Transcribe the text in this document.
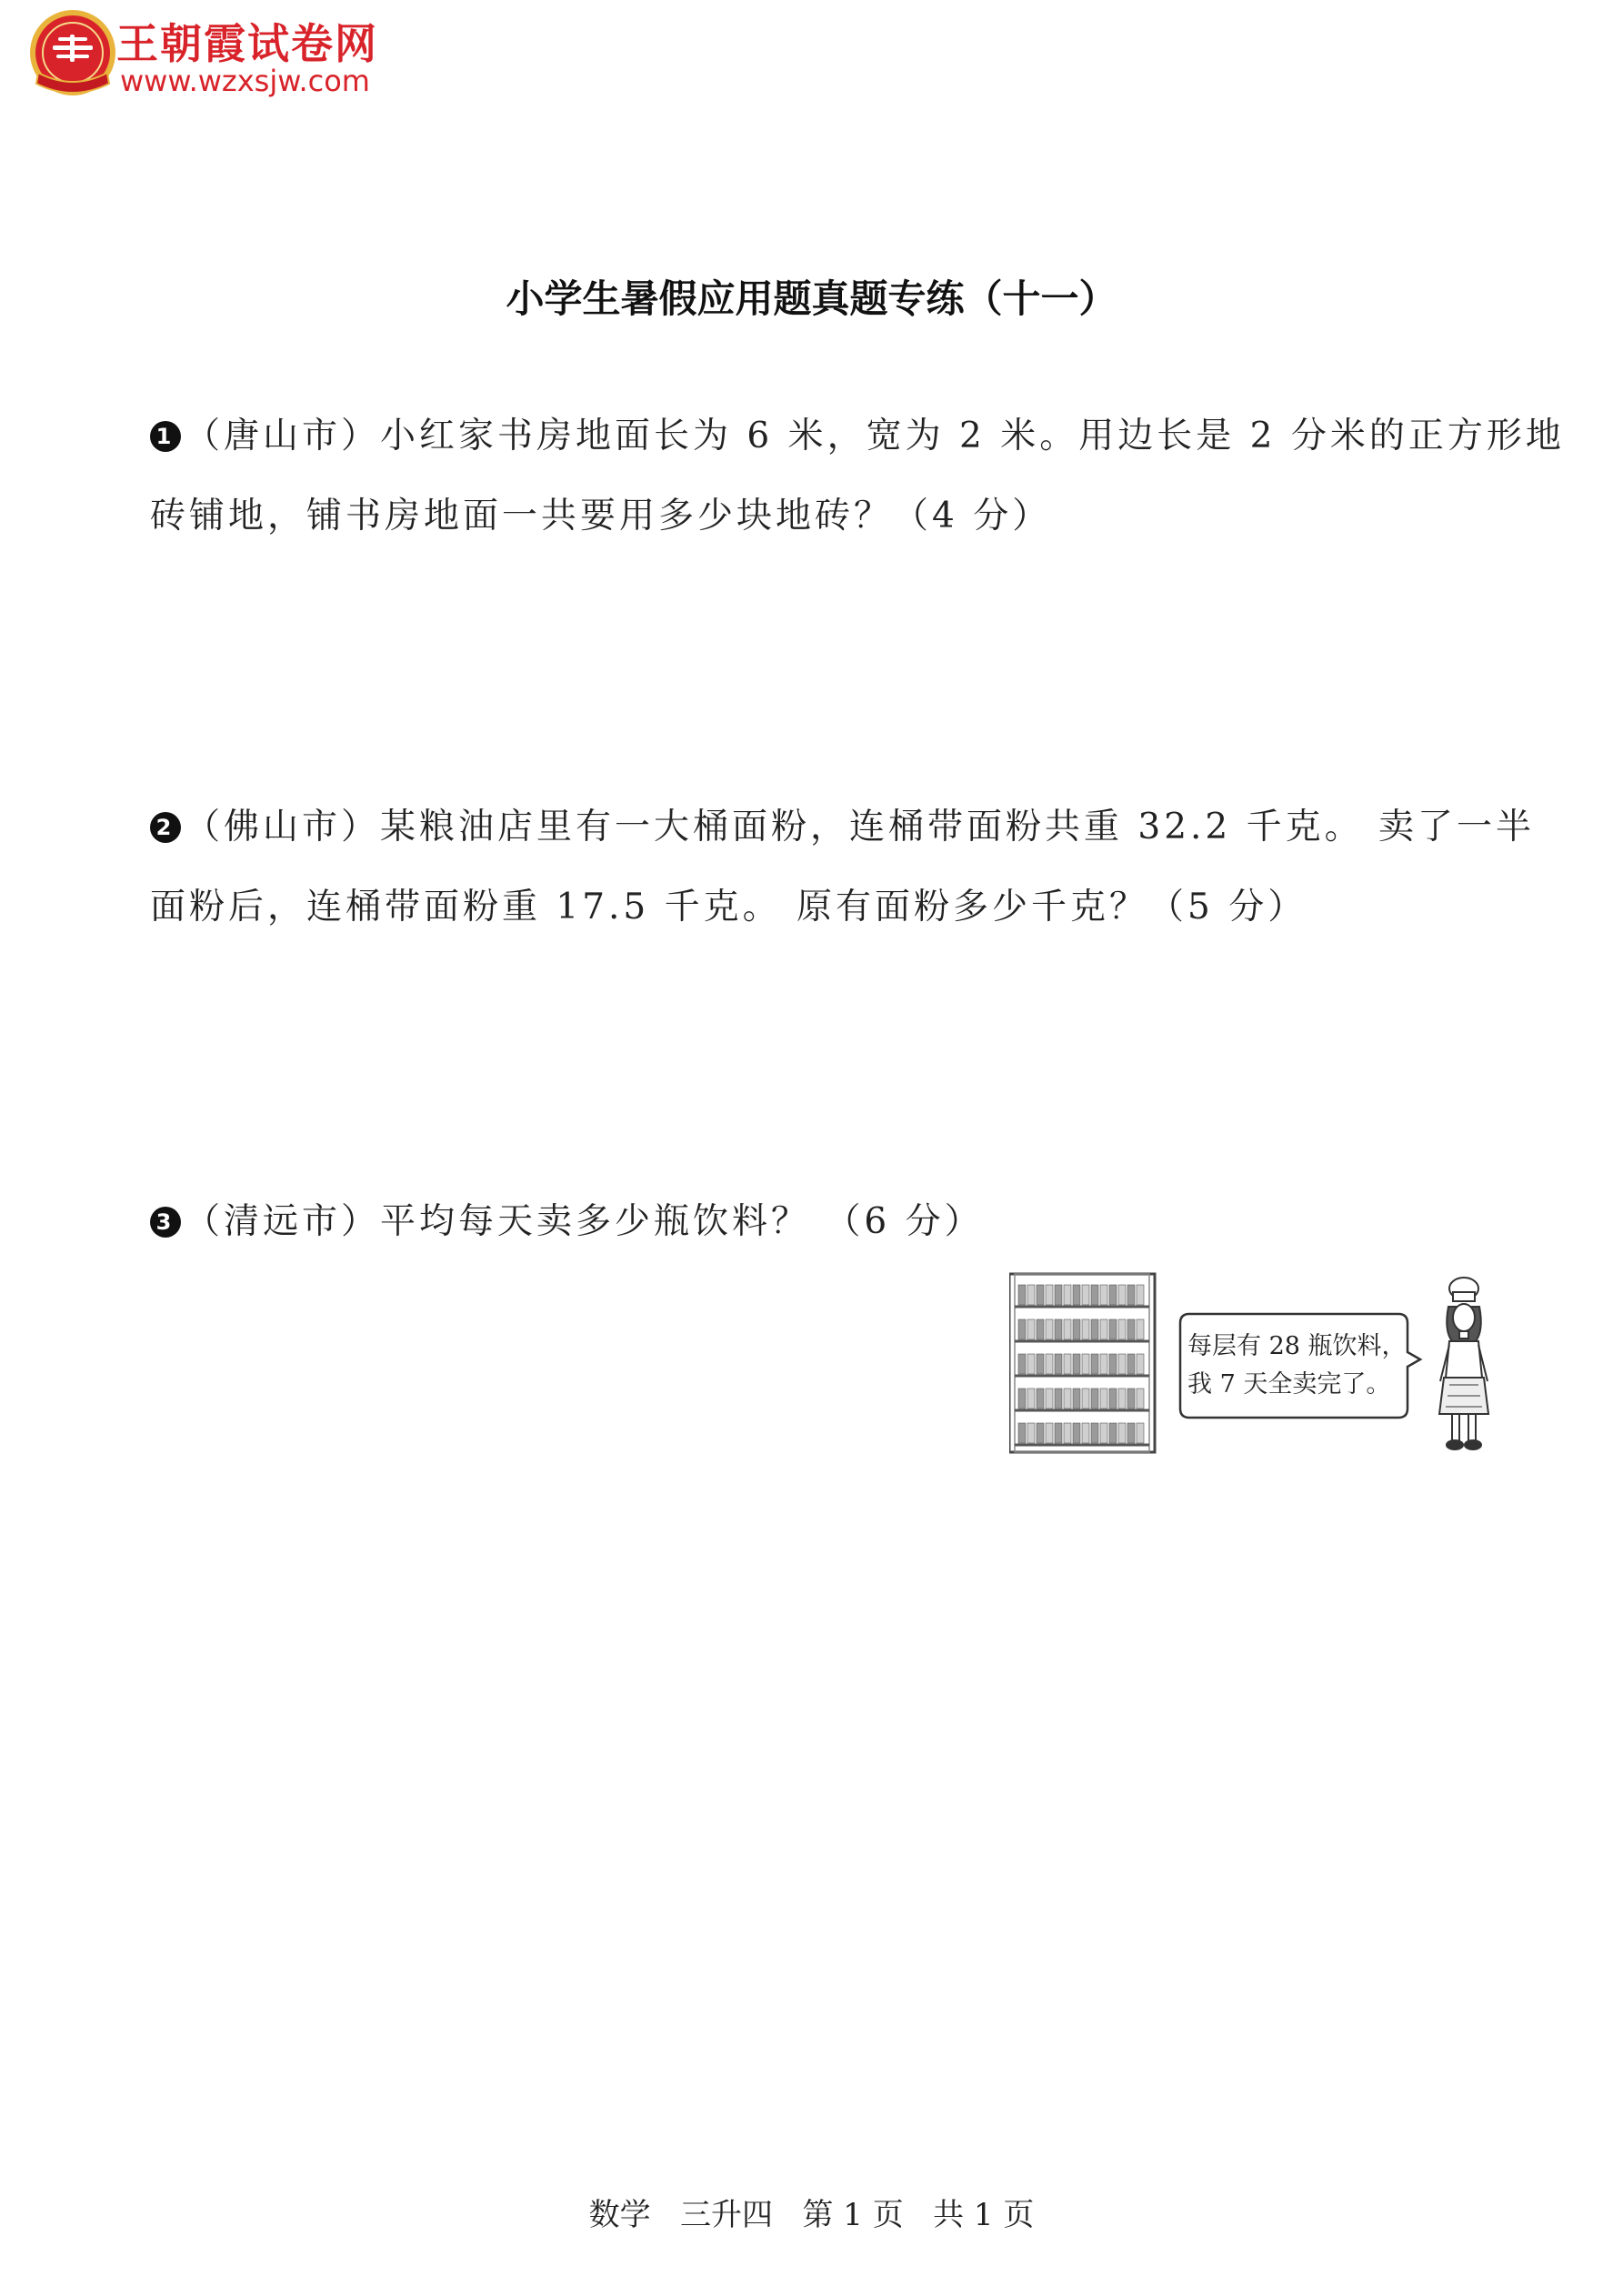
王朝霞试卷网
www.wzxsjw.com
小学生暑假应用题真题专练（十一）
1 （唐山市）小红家书房地面长为 6 米，宽为 2 米。用边长是 2 分米的正方形地
砖铺地，铺书房地面一共要用多少块地砖？（4 分）
2 （佛山市）某粮油店里有一大桶面粉，连桶带面粉共重 32.2 千克。 卖了一半
面粉后，连桶带面粉重 17.5 千克。 原有面粉多少千克？（5 分）
3 （清远市）平均每天卖多少瓶饮料？ （6 分）
每层有 28 瓶饮料，
我 7 天全卖完了。
数学   三升四   第 1 页   共 1 页
